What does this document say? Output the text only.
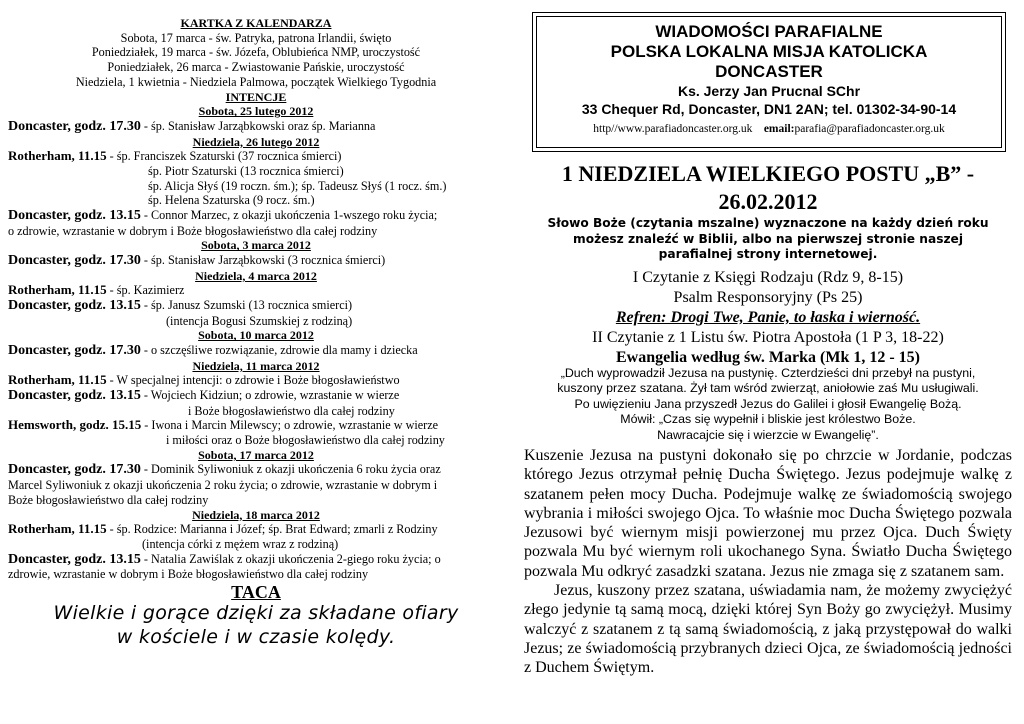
KARTKA Z KALENDARZA
Sobota, 17 marca - św. Patryka, patrona Irlandii, święto
Poniedziałek, 19 marca - św. Józefa, Oblubieńca NMP, uroczystość
Poniedziałek, 26 marca - Zwiastowanie Pańskie, uroczystość
Niedziela, 1 kwietnia - Niedziela Palmowa, początek Wielkiego Tygodnia
INTENCJE
Sobota, 25 lutego 2012
Doncaster, godz. 17.30 - śp. Stanisław Jarząbkowski oraz śp. Marianna
Niedziela, 26 lutego 2012
Rotherham, 11.15 - śp. Franciszek Szaturski (37 rocznica śmierci)
śp. Piotr Szaturski (13 rocznica śmierci)
śp. Alicja Słyś (19 roczn. śm.); śp. Tadeusz Słyś (1 rocz. śm.)
śp. Helena Szaturska (9 rocz. śm.)
Doncaster, godz. 13.15 - Connor Marzec, z okazji ukończenia 1-wszego roku życia;
o zdrowie, wzrastanie w dobrym i Boże błogosławieństwo dla całej rodziny
Sobota, 3 marca 2012
Doncaster, godz. 17.30 - śp. Stanisław Jarząbkowski (3 rocznica śmierci)
Niedziela, 4 marca 2012
Rotherham, 11.15 - śp. Kazimierz
Doncaster, godz. 13.15 - śp. Janusz Szumski (13 rocznica smierci)
(intencja Bogusi Szumskiej z rodziną)
Sobota, 10 marca 2012
Doncaster, godz. 17.30 - o szczęśliwe rozwiązanie, zdrowie dla mamy i dziecka
Niedziela, 11 marca 2012
Rotherham, 11.15 - W specjalnej intencji: o zdrowie i Boże błogosławieństwo
Doncaster, godz. 13.15 - Wojciech Kidziun; o zdrowie, wzrastanie w wierze
i Boże błogosławieństwo dla całej rodziny
Hemsworth, godz. 15.15 - Iwona i Marcin Milewscy; o zdrowie, wzrastanie w wierze
i miłości oraz o Boże błogosławieństwo dla całej rodziny
Sobota, 17 marca 2012
Doncaster, godz. 17.30 - Dominik Syliwoniuk z okazji ukończenia 6 roku życia oraz
Marcel Syliwoniuk z okazji ukończenia 2 roku życia; o zdrowie, wzrastanie w dobrym i
Boże błogosławieństwo dla całej rodziny
Niedziela, 18 marca 2012
Rotherham, 11.15 - śp. Rodzice: Marianna i Józef; śp. Brat Edward; zmarli z Rodziny
(intencja córki z mężem wraz z rodziną)
Doncaster, godz. 13.15 - Natalia Zawiślak z okazji ukończenia 2-giego roku życia; o
zdrowie, wzrastanie w dobrym i Boże błogosławieństwo dla całej rodziny
TACA
Wielkie i gorące dzięki za składane ofiary
w kościele i w czasie kolędy.
WIADOMOŚCI PARAFIALNE
POLSKA LOKALNA MISJA KATOLICKA
DONCASTER
Ks. Jerzy Jan Prucnal SChr
33 Chequer Rd, Doncaster, DN1 2AN; tel. 01302-34-90-14
http//www.parafiadoncaster.org.uk email:parafia@parafiadoncaster.org.uk
1 NIEDZIELA WIELKIEGO POSTU „B” -
26.02.2012
Słowo Boże (czytania mszalne) wyznaczone na każdy dzień roku
możesz znaleźć w Biblii, albo na pierwszej stronie naszej
parafialnej strony internetowej.
I Czytanie z Księgi Rodzaju (Rdz 9, 8-15)
Psalm Responsoryjny (Ps 25)
Refren: Drogi Twe, Panie, to łaska i wierność.
II Czytanie z 1 Listu św. Piotra Apostoła (1 P 3, 18-22)
Ewangelia według św. Marka (Mk 1, 12 - 15)
„Duch wyprowadził Jezusa na pustynię. Czterdzieści dni przebył na pustyni,
kuszony przez szatana. Żył tam wśród zwierząt, aniołowie zaś Mu usługiwali.
Po uwięzieniu Jana przyszedł Jezus do Galilei i głosił Ewangelię Bożą.
Mówił: „Czas się wypełnił i bliskie jest królestwo Boże.
Nawracajcie się i wierzcie w Ewangelię”.

Kuszenie Jezusa na pustyni dokonało się po chrzcie w Jordanie, podczas którego Jezus otrzymał pełnię Ducha Świętego. Jezus podejmuje walkę z szatanem pełen mocy Ducha. Podejmuje walkę ze świadomością swojego wybrania i miłości swojego Ojca. To właśnie moc Ducha Świętego pozwala Jezusowi być wiernym misji powierzonej mu przez Ojca. Duch Święty pozwala Mu być wiernym roli ukochanego Syna. Światło Ducha Świętego pozwala Mu odkryć zasadzki szatana. Jezus nie zmaga się z szatanem sam.

Jezus, kuszony przez szatana, uświadamia nam, że możemy zwyciężyć złego jedynie tą samą mocą, dzięki której Syn Boży go zwyciężył. Musimy walczyć z szatanem z tą samą świadomością, z jaką przystępował do walki Jezus; ze świadomością przybranych dzieci Ojca, ze świadomością jedności z Duchem Świętym.
